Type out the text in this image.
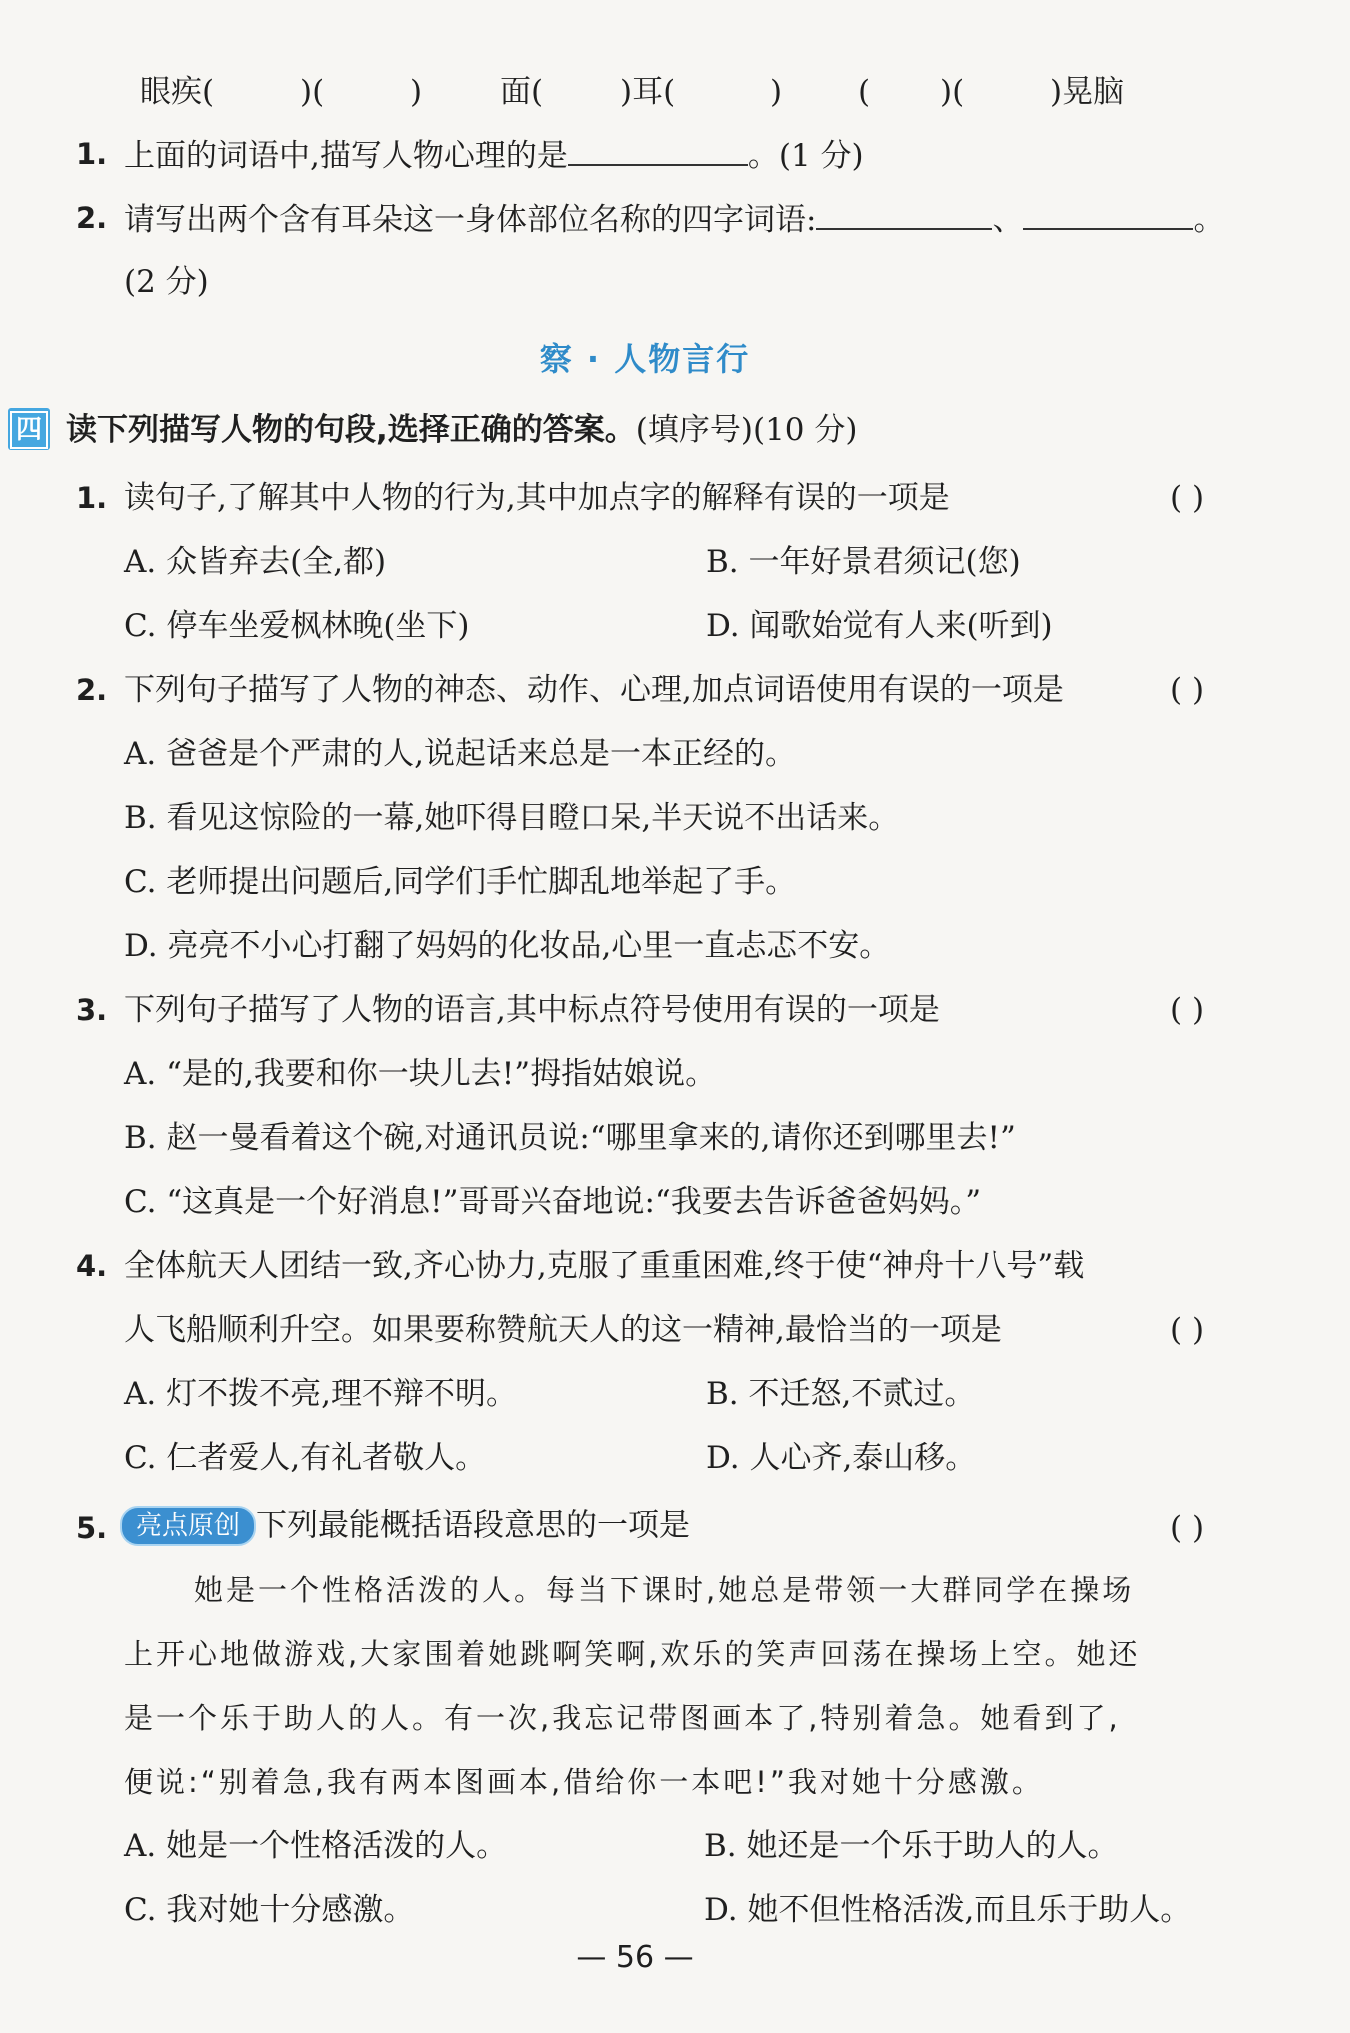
眼疾(	)(	)	面( )耳(	) ( )(	)晃脑
1. 上面的词语中,描写人物心理的是	。(1 分)
2. 请写出两个含有耳朵这一身体部位名称的四字词语:	、	。
(2 分)
察 · 人物言行
四 读下列描写人物的句段,选择正确的答案。(填序号)(10 分)
1. 读句子,了解其中人物的行为,其中加点字的解释有误的一项是	( )
A. 众皆弃去(全,都)	B. 一年好景君须记(您)
C. 停车坐爱枫林晚(坐下)	D. 闻歌始觉有人来(听到)
2. 下列句子描写了人物的神态、动作、心理,加点词语使用有误的一项是	( )
A. 爸爸是个严肃的人,说起话来总是一本正经的。
B. 看见这惊险的一幕,她吓得目瞪口呆,半天说不出话来。
C. 老师提出问题后,同学们手忙脚乱地举起了手。
D. 亮亮不小心打翻了妈妈的化妆品,心里一直忐忑不安。
3. 下列句子描写了人物的语言,其中标点符号使用有误的一项是	( )
A. “是的,我要和你一块儿去!”拇指姑娘说。
B. 赵一曼看着这个碗,对通讯员说:“哪里拿来的,请你还到哪里去!”
C. “这真是一个好消息!”哥哥兴奋地说:“我要去告诉爸爸妈妈。”
4. 全体航天人团结一致,齐心协力,克服了重重困难,终于使“神舟十八号”载
人飞船顺利升空。如果要称赞航天人的这一精神,最恰当的一项是	( )
A. 灯不拨不亮,理不辩不明。	B. 不迁怒,不贰过。
C. 仁者爱人,有礼者敬人。	D. 人心齐,泰山移。
5.	亮点原创 下列最能概括语段意思的一项是	( )
她是一个性格活泼的人。每当下课时,她总是带领一大群同学在操场
上开心地做游戏,大家围着她跳啊笑啊,欢乐的笑声回荡在操场上空。她还
是一个乐于助人的人。有一次,我忘记带图画本了,特别着急。她看到了,
便说:“别着急,我有两本图画本,借给你一本吧!”我对她十分感激。
A. 她是一个性格活泼的人。	B. 她还是一个乐于助人的人。
C. 我对她十分感激。	D. 她不但性格活泼,而且乐于助人。
— 56 —
